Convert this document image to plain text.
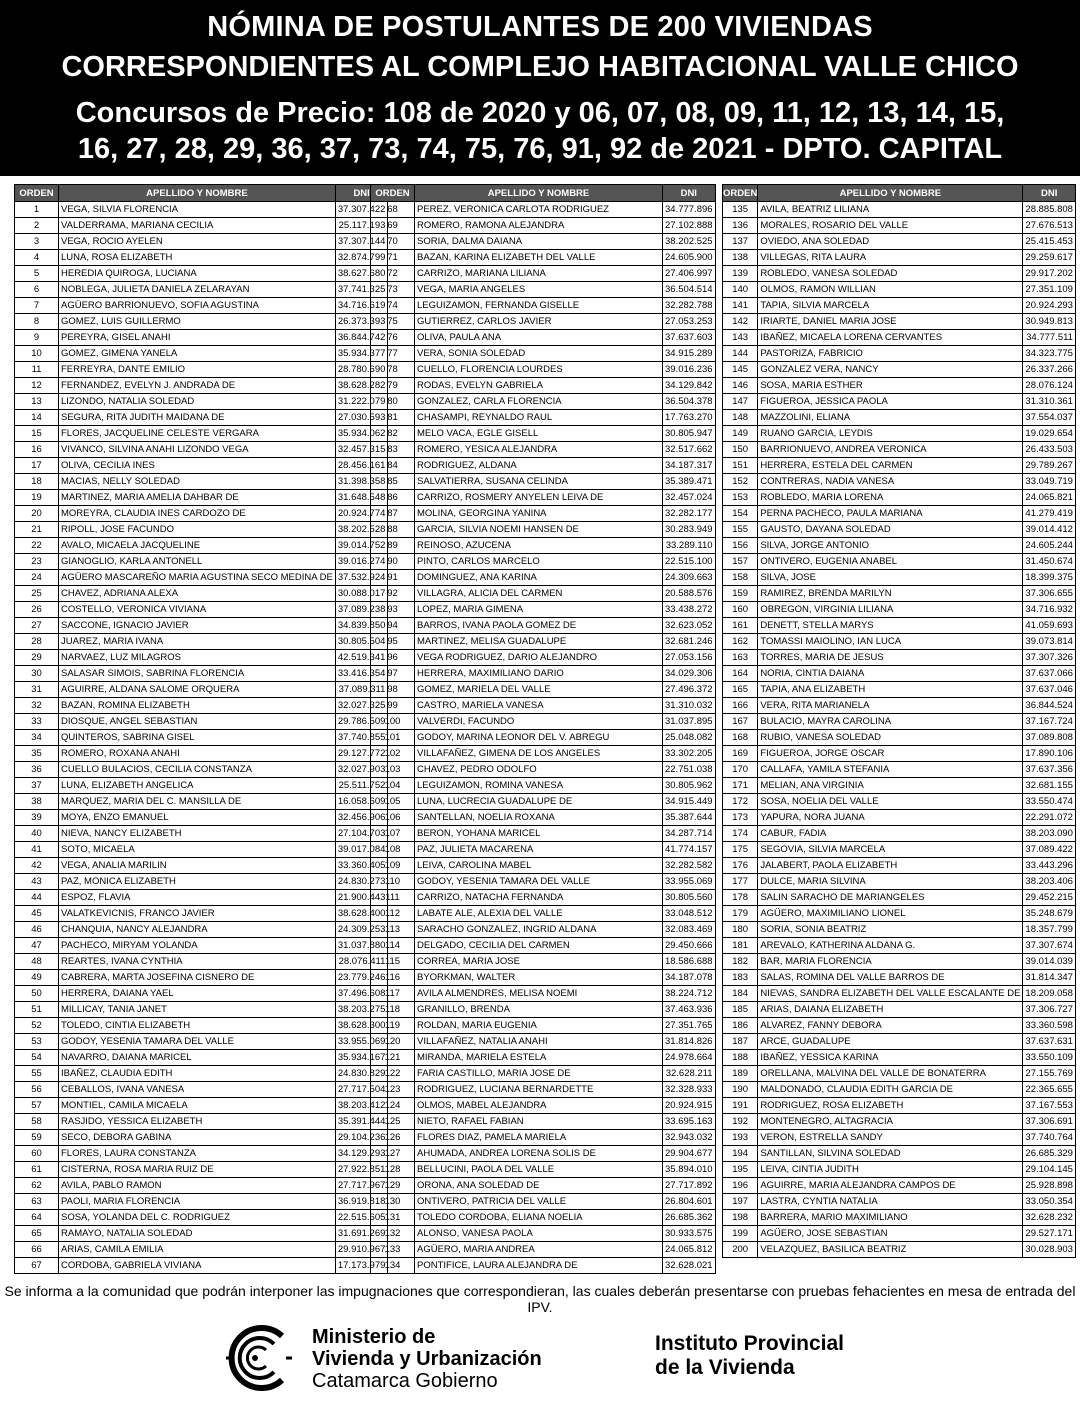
NÓMINA DE POSTULANTES DE 200 VIVIENDAS
CORRESPONDIENTES AL COMPLEJO HABITACIONAL VALLE CHICO
Concursos de Precio: 108 de 2020 y 06, 07, 08, 09, 11, 12, 13, 14, 15,
16, 27, 28, 29, 36, 37, 73, 74, 75, 76, 91, 92 de 2021 - DPTO. CAPITAL
ORDEN	APELLIDO Y NOMBRE	DNI
1	VEGA, SILVIA FLORENCIA	37.307.422
2	VALDERRAMA, MARIANA CECILIA	25.117.193
3	VEGA, ROCIO AYELEN	37.307.144
4	LUNA, ROSA ELIZABETH	32.874.799
5	HEREDIA QUIROGA, LUCIANA	38.627.680
6	NOBLEGA, JULIETA DANIELA ZELARAYAN	37.741.325
7	AGÜERO BARRIONUEVO, SOFIA AGUSTINA	34.716.619
8	GOMEZ, LUIS GUILLERMO	26.373.393
9	PEREYRA, GISEL ANAHI	36.844.742
10	GOMEZ, GIMENA YANELA	35.934.377
11	FERREYRA, DANTE EMILIO	28.780.690
12	FERNANDEZ, EVELYN J. ANDRADA DE	38.628.282
13	LIZONDO, NATALIA SOLEDAD	31.222.079
14	SEGURA, RITA JUDITH MAIDANA DE	27.030.593
15	FLORES, JACQUELINE CELESTE VERGARA	35.934.062
16	VIVANCO, SILVINA ANAHI LIZONDO VEGA	32.457.315
17	OLIVA, CECILIA INES	28.456.161
18	MACIAS, NELLY SOLEDAD	31.398.358
19	MARTINEZ, MARIA AMELIA DAHBAR DE	31.648.548
20	MOREYRA, CLAUDIA INES CARDOZO DE	20.924.774
21	RIPOLL, JOSE FACUNDO	38.202.528
22	AVALO, MICAELA JACQUELINE	39.014.752
23	GIANOGLIO, KARLA ANTONELL	39.016.274
24	AGÜERO MASCAREÑO MARIA AGUSTINA SECO MEDINA DE	37.532.924
25	CHAVEZ, ADRIANA ALEXA	30.088.017
26	COSTELLO, VERONICA VIVIANA	37.089.238
27	SACCONE, IGNACIO JAVIER	34.839.850
28	JUAREZ, MARIA IVANA	30.805.504
29	NARVAEZ, LUZ MILAGROS	42.519.341
30	SALASAR SIMOIS, SABRINA FLORENCIA	33.416.354
31	AGUIRRE, ALDANA SALOME ORQUERA	37.089.311
32	BAZAN, ROMINA ELIZABETH	32.027.325
33	DIOSQUE, ANGEL SEBASTIAN	29.786.509
34	QUINTEROS, SABRINA GISEL	37.740.855
35	ROMERO, ROXANA ANAHI	29.127.772
36	CUELLO BULACIOS, CECILIA CONSTANZA	32.027.903
37	LUNA, ELIZABETH ANGELICA	25.511.752
38	MARQUEZ, MARIA DEL C. MANSILLA DE	16.058.609
39	MOYA, ENZO EMANUEL	32.456.906
40	NIEVA, NANCY ELIZABETH	27.104.703
41	SOTO, MICAELA	39.017.084
42	VEGA, ANALIA MARILIN	33.360.405
43	PAZ, MONICA ELIZABETH	24.830.273
44	ESPOZ, FLAVIA	21.900.443
45	VALATKEVICNIS, FRANCO JAVIER	38.628.400
46	CHANQUIA, NANCY ALEJANDRA	24.309.253
47	PACHECO, MIRYAM YOLANDA	31.037.880
48	REARTES, IVANA CYNTHIA	28.076.411
49	CABRERA, MARTA JOSEFINA CISNERO DE	23.779.246
50	HERRERA, DAIANA YAEL	37.496.608
51	MILLICAY, TANIA JANET	38.203.275
52	TOLEDO, CINTIA ELIZABETH	38.628.300
53	GODOY, YESENIA TAMARA DEL VALLE	33.955.069
54	NAVARRO, DAIANA MARICEL	35.934.167
55	IBAÑEZ, CLAUDIA EDITH	24.830.829
56	CEBALLOS, IVANA VANESA	27.717.504
57	MONTIEL, CAMILA MICAELA	38.203.412
58	RASJIDO, YESSICA ELIZABETH	35.391.444
59	SECO, DEBORA GABINA	29.104.236
60	FLORES, LAURA CONSTANZA	34.129.293
61	CISTERNA, ROSA MARIA RUIZ DE	27.922.851
62	AVILA, PABLO RAMON	27.717.967
63	PAOLI, MARIA FLORENCIA	36.919.818
64	SOSA, YOLANDA DEL C. RODRIGUEZ	22.515.605
65	RAMAYO, NATALIA SOLEDAD	31.691.269
66	ARIAS, CAMILA EMILIA	29.910.967
67	CORDOBA, GABRIELA VIVIANA	17.173.979
ORDEN	APELLIDO Y NOMBRE	DNI
68	PEREZ, VERONICA CARLOTA RODRIGUEZ	34.777.896
69	ROMERO, RAMONA ALEJANDRA	27.102.888
70	SORIA, DALMA DAIANA	38.202.525
71	BAZAN, KARINA ELIZABETH DEL VALLE	24.605.900
72	CARRIZO, MARIANA LILIANA	27.406.997
73	VEGA, MARIA ANGELES	36.504.514
74	LEGUIZAMON, FERNANDA GISELLE	32.282.788
75	GUTIERREZ, CARLOS JAVIER	27.053.253
76	OLIVA, PAULA ANA	37.637.603
77	VERA, SONIA SOLEDAD	34.915.289
78	CUELLO, FLORENCIA LOURDES	39.016.236
79	RODAS, EVELYN GABRIELA	34.129.842
80	GONZALEZ, CARLA FLORENCIA	36.504.378
81	CHASAMPI, REYNALDO RAUL	17.763.270
82	MELO VACA, EGLE GISELL	30.805.947
83	ROMERO, YESICA ALEJANDRA	32.517.662
84	RODRIGUEZ, ALDANA	34.187.317
85	SALVATIERRA, SUSANA CELINDA	35.389.471
86	CARRIZO, ROSMERY ANYELEN LEIVA DE	32.457.024
87	MOLINA, GEORGINA YANINA	32.282.177
88	GARCIA, SILVIA NOEMI HANSEN DE	30.283.949
89	REINOSO, AZUCENA	33.289.110
90	PINTO, CARLOS MARCELO	22.515.100
91	DOMINGUEZ, ANA KARINA	24.309.663
92	VILLAGRA, ALICIA DEL CARMEN	20.588.576
93	LOPEZ, MARIA GIMENA	33.438.272
94	BARROS, IVANA PAOLA GOMEZ DE	32.623.052
95	MARTINEZ, MELISA GUADALUPE	32.681.246
96	VEGA RODRIGUEZ, DARIO ALEJANDRO	27.053.156
97	HERRERA, MAXIMILIANO DARIO	34.029.306
98	GOMEZ, MARIELA DEL VALLE	27.496.372
99	CASTRO, MARIELA VANESA	31.310.032
100	VALVERDI, FACUNDO	31.037.895
101	GODOY, MARINA LEONOR DEL V. ABREGU	25.048.082
102	VILLAFAÑEZ, GIMENA DE LOS ANGELES	33.302.205
103	CHAVEZ, PEDRO ODOLFO	22.751.038
104	LEGUIZAMON, ROMINA VANESA	30.805.962
105	LUNA, LUCRECIA GUADALUPE DE	34.915.449
106	SANTELLAN, NOELIA ROXANA	35.387.644
107	BERON, YOHANA MARICEL	34.287.714
108	PAZ, JULIETA MACARENA	41.774.157
109	LEIVA, CAROLINA MABEL	32.282.582
110	GODOY, YESENIA TAMARA DEL VALLE	33.955.069
111	CARRIZO, NATACHA FERNANDA	30.805.560
112	LABATE ALE, ALEXIA DEL VALLE	33.048.512
113	SARACHO GONZALEZ, INGRID ALDANA	32.083.469
114	DELGADO, CECILIA DEL CARMEN	29.450.666
115	CORREA, MARIA JOSE	18.586.688
116	BYORKMAN, WALTER	34.187.078
117	AVILA ALMENDRES, MELISA NOEMI	38.224.712
118	GRANILLO, BRENDA	37.463.936
119	ROLDAN, MARIA EUGENIA	27.351.765
120	VILLAFAÑEZ, NATALIA ANAHI	31.814.826
121	MIRANDA, MARIELA ESTELA	24.978.664
122	FARIA CASTILLO, MARIA JOSE DE	32.628.211
123	RODRIGUEZ, LUCIANA BERNARDETTE	32.328.933
124	OLMOS, MABEL ALEJANDRA	20.924.915
125	NIETO, RAFAEL FABIAN	33.695.163
126	FLORES DIAZ, PAMELA MARIELA	32.943.032
127	AHUMADA, ANDREA LORENA SOLIS DE	29.904.677
128	BELLUCINI, PAOLA DEL VALLE	35.894.010
129	ORONA, ANA SOLEDAD DE	27.717.892
130	ONTIVERO, PATRICIA DEL VALLE	26.804.601
131	TOLEDO CORDOBA, ELIANA NOELIA	26.685.362
132	ALONSO, VANESA PAOLA	30.933.575
133	AGÜERO, MARIA ANDREA	24.065.812
134	PONTIFICE, LAURA ALEJANDRA DE	32.628.021
ORDEN	APELLIDO Y NOMBRE	DNI
135	AVILA, BEATRIZ LILIANA	28.885.808
136	MORALES, ROSARIO DEL VALLE	27.676.513
137	OVIEDO, ANA SOLEDAD	25.415.453
138	VILLEGAS, RITA LAURA	29.259.617
139	ROBLEDO, VANESA SOLEDAD	29.917.202
140	OLMOS, RAMON WILLIAN	27.351.109
141	TAPIA, SILVIA MARCELA	20.924.293
142	IRIARTE, DANIEL MARIA JOSE	30.949.813
143	IBAÑEZ, MICAELA LORENA CERVANTES	34.777.511
144	PASTORIZA, FABRICIO	34.323.775
145	GONZALEZ VERA, NANCY	26.337.266
146	SOSA, MARIA ESTHER	28.076.124
147	FIGUEROA, JESSICA PAOLA	31.310.361
148	MAZZOLINI, ELIANA	37.554.037
149	RUANO GARCIA, LEYDIS	19.029.654
150	BARRIONUEVO, ANDREA VERONICA	26.433.503
151	HERRERA, ESTELA DEL CARMEN	29.789.267
152	CONTRERAS, NADIA VANESA	33.049.719
153	ROBLEDO, MARIA LORENA	24.065.821
154	PERNA PACHECO, PAULA MARIANA	41.279.419
155	GAUSTO, DAYANA SOLEDAD	39.014.412
156	SILVA, JORGE ANTONIO	24.605.244
157	ONTIVERO, EUGENIA ANABEL	31.450.674
158	SILVA, JOSE	18.399.375
159	RAMIREZ, BRENDA MARILYN	37.306.655
160	OBREGON, VIRGINIA LILIANA	34.716.932
161	DENETT, STELLA MARYS	41.059.693
162	TOMASSI MAIOLINO, IAN LUCA	39.073.814
163	TORRES, MARIA DE JESUS	37.307.326
164	NORIA, CINTIA DAIANA	37.637.066
165	TAPIA, ANA ELIZABETH	37.637.046
166	VERA, RITA MARIANELA	36.844.524
167	BULACIO, MAYRA CAROLINA	37.167.724
168	RUBIO, VANESA SOLEDAD	37.089.808
169	FIGUEROA, JORGE OSCAR	17.890.106
170	CALLAFA, YAMILA STEFANIA	37.637.356
171	MELIAN, ANA VIRGINIA	32.681.155
172	SOSA, NOELIA DEL VALLE	33.550.474
173	YAPURA, NORA JUANA	22.291.072
174	CABUR, FADIA	38.203.090
175	SEGOVIA, SILVIA MARCELA	37.089.422
176	JALABERT, PAOLA ELIZABETH	33.443.296
177	DULCE, MARIA SILVINA	38.203.406
178	SALIN SARACHO DE MARIANGELES	29.452.215
179	AGÜERO, MAXIMILIANO LIONEL	35.248.679
180	SORIA, SONIA BEATRIZ	18.357.799
181	AREVALO, KATHERINA ALDANA G.	37.307.674
182	BAR, MARIA FLORENCIA	39.014.039
183	SALAS, ROMINA DEL VALLE BARROS DE	31.814.347
184	NIEVAS, SANDRA ELIZABETH DEL VALLE ESCALANTE DE	18.209.058
185	ARIAS, DAIANA ELIZABETH	37.306.727
186	ALVAREZ, FANNY DEBORA	33.360.598
187	ARCE, GUADALUPE	37.637.631
188	IBAÑEZ, YESSICA KARINA	33.550.109
189	ORELLANA, MALVINA DEL VALLE DE BONATERRA	27.155.769
190	MALDONADO, CLAUDIA EDITH GARCIA DE	22.365.655
191	RODRIGUEZ, ROSA ELIZABETH	37.167.553
192	MONTENEGRO, ALTAGRACIA	37.306.691
193	VERON, ESTRELLA SANDY	37.740.764
194	SANTILLAN, SILVINA SOLEDAD	26.685.329
195	LEIVA, CINTIA JUDITH	29.104.145
196	AGUIRRE, MARIA ALEJANDRA CAMPOS DE	25.928.898
197	LASTRA, CYNTIA NATALIA	33.050.354
198	BARRERA, MARIO MAXIMILIANO	32.628.232
199	AGÜERO, JOSE SEBASTIAN	29.527.171
200	VELAZQUEZ, BASILICA BEATRIZ	30.028.903
Se informa a la comunidad que podrán interponer las impugnaciones que correspondieran, las cuales deberán presentarse con pruebas fehacientes en mesa de entrada del IPV.
Ministerio de
Vivienda y Urbanización
Catamarca Gobierno
Instituto Provincial
de la Vivienda
